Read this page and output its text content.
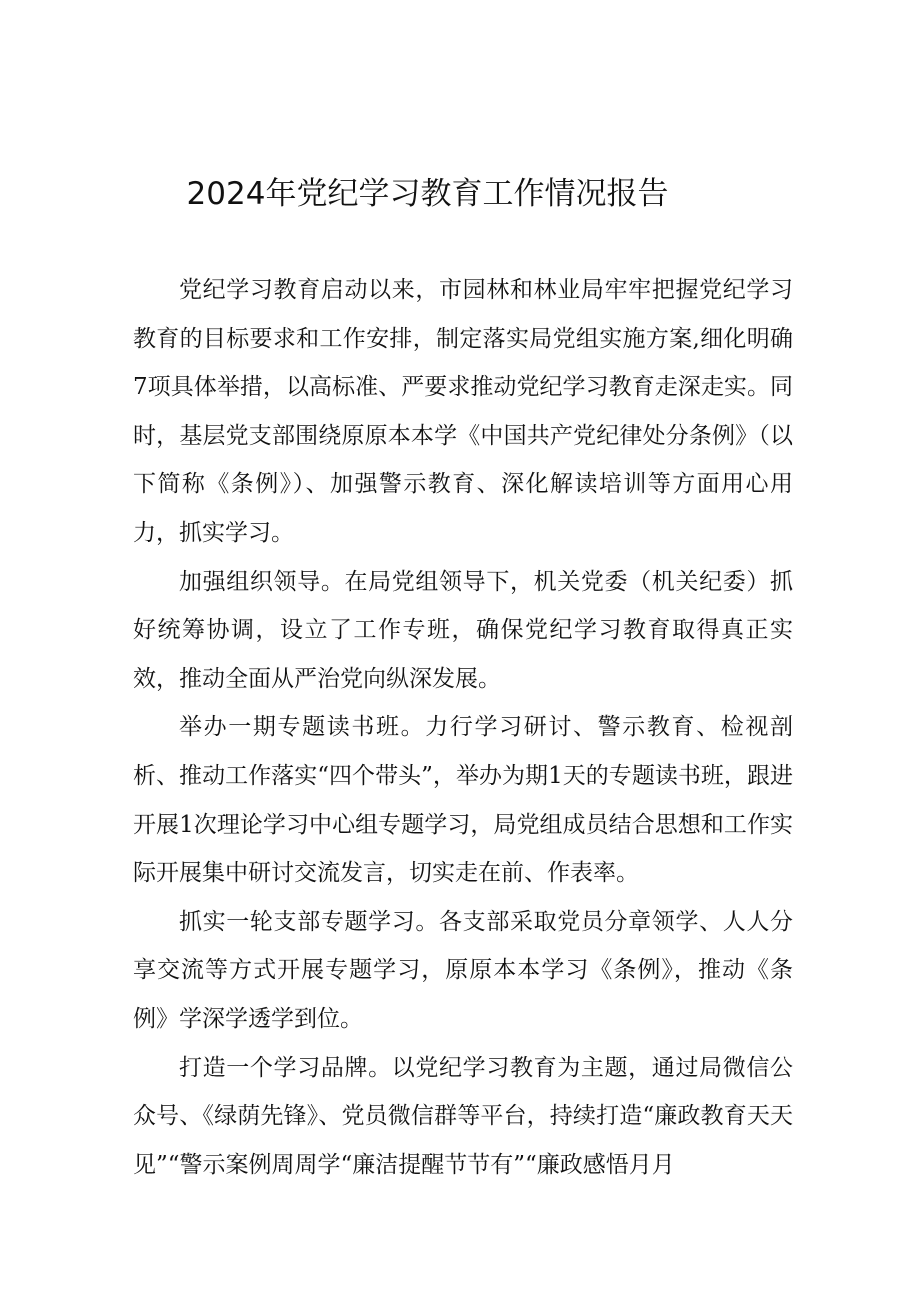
2024年党纪学习教育工作情况报告

党纪学习教育启动以来，市园林和林业局牢牢把握党纪学习教育的目标要求和工作安排，制定落实局党组实施方案,细化明确7项具体举措，以高标准、严要求推动党纪学习教育走深走实。同时，基层党支部围绕原原本本学《中国共产党纪律处分条例》（以下简称《条例》）、加强警示教育、深化解读培训等方面用心用力，抓实学习。

加强组织领导。在局党组领导下，机关党委（机关纪委）抓好统筹协调，设立了工作专班，确保党纪学习教育取得真正实效，推动全面从严治党向纵深发展。

举办一期专题读书班。力行学习研讨、警示教育、检视剖析、推动工作落实“四个带头”，举办为期1天的专题读书班，跟进开展1次理论学习中心组专题学习，局党组成员结合思想和工作实际开展集中研讨交流发言，切实走在前、作表率。

抓实一轮支部专题学习。各支部采取党员分章领学、人人分享交流等方式开展专题学习，原原本本学习《条例》，推动《条例》学深学透学到位。

打造一个学习品牌。以党纪学习教育为主题，通过局微信公众号、《绿荫先锋》、党员微信群等平台，持续打造“廉政教育天天见”“警示案例周周学“廉洁提醒节节有”“廉政感悟月月
